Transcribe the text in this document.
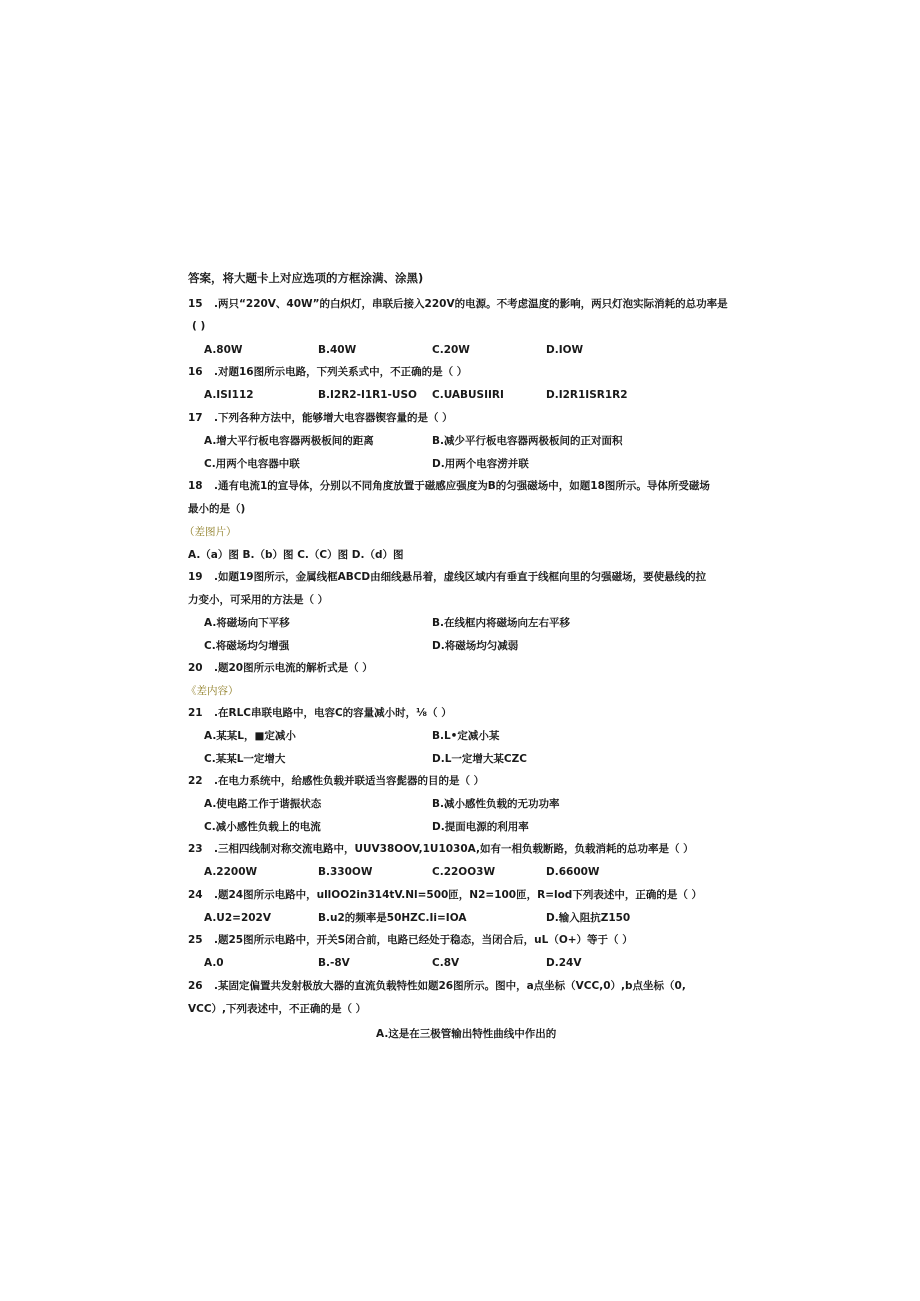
答案，将大题卡上对应选项的方框涂满、涂黑)
15 .两只“220V、40W”的白炽灯，串联后接入220V的电源。不考虑温度的影响，两只灯泡实际消耗的总功率是
( )
A.80W	B.40W	C.20W	D.IOW
16 .对题16图所示电路，下列关系式中，不正确的是（ ）
A.ISI112	B.I2R2-I1R1-USO C.UABUSIIRI	D.I2R1ISR1R2
17 .下列各种方法中，能够增大电容器锲容量的是（ ）
A.增大平行板电容器两极板间的距离	B.减少平行板电容器两极板间的正对面积
C.用两个电容器中联	D.用两个电容涝并联
18 .通有电流1的宣导体，分别以不同角度放置于磁感应强度为B的匀强磁场中，如题18图所示。导体所受磁场
最小的是（)
（差图片）
A.（a）图 B.（b）图 C.（C）图 D.（d）图
19 .如题19图所示，金属线框ABCD由细线悬吊着，虚线区域内有垂直于线框向里的匀强磁场，要使悬线的拉
力变小，可采用的方法是（ ）
A.将磁场向下平移	B.在线框内将磁场向左右平移
C.将磁场均匀增强	D.将磁场均匀减弱
20 .题20图所示电流的解析式是（ ）
《差内容）
21 .在RLC串联电路中，电容C的容量减小时，⅛（ ）
A.某某L，■定减小	B.L•定减小某
C.某某L一定增大	D.L一定增大某CZC
22 .在电力系统中，给感性负载并联适当容髭器的目的是（ ）
A.使电路工作于谐振状态	B.减小感性负载的无功功率
C.减小感性负载上的电流	D.提面电源的利用率
23 .三相四线制对称交流电路中，UUV38OOV,1U1030A,如有一相负载断路，负载消耗的总功率是（ ）
A.2200W	B.330OW	C.22OO3W	D.6600W
24 .题24图所示电路中，ullOO2in314tV.Nl=500匝，N2=100匝，R=lod下列表述中，正确的是（ ）
A.U2=202V	B.u2的频率是50HZC.Ii=IOA	D.输入阻抗Z150
25 .题25图所示电路中，开关S闭合前，电路已经处于稳态，当闭合后，uL（O+）等于（ ）
A.0	B.-8V	C.8V	D.24V
26 .某固定偏置共发射极放大器的直流负载特性如题26图所示。图中，a点坐标（VCC,0）,b点坐标（0,
VCC）,下列表述中，不正确的是（ ）
A.这是在三极管输出特性曲线中作出的
